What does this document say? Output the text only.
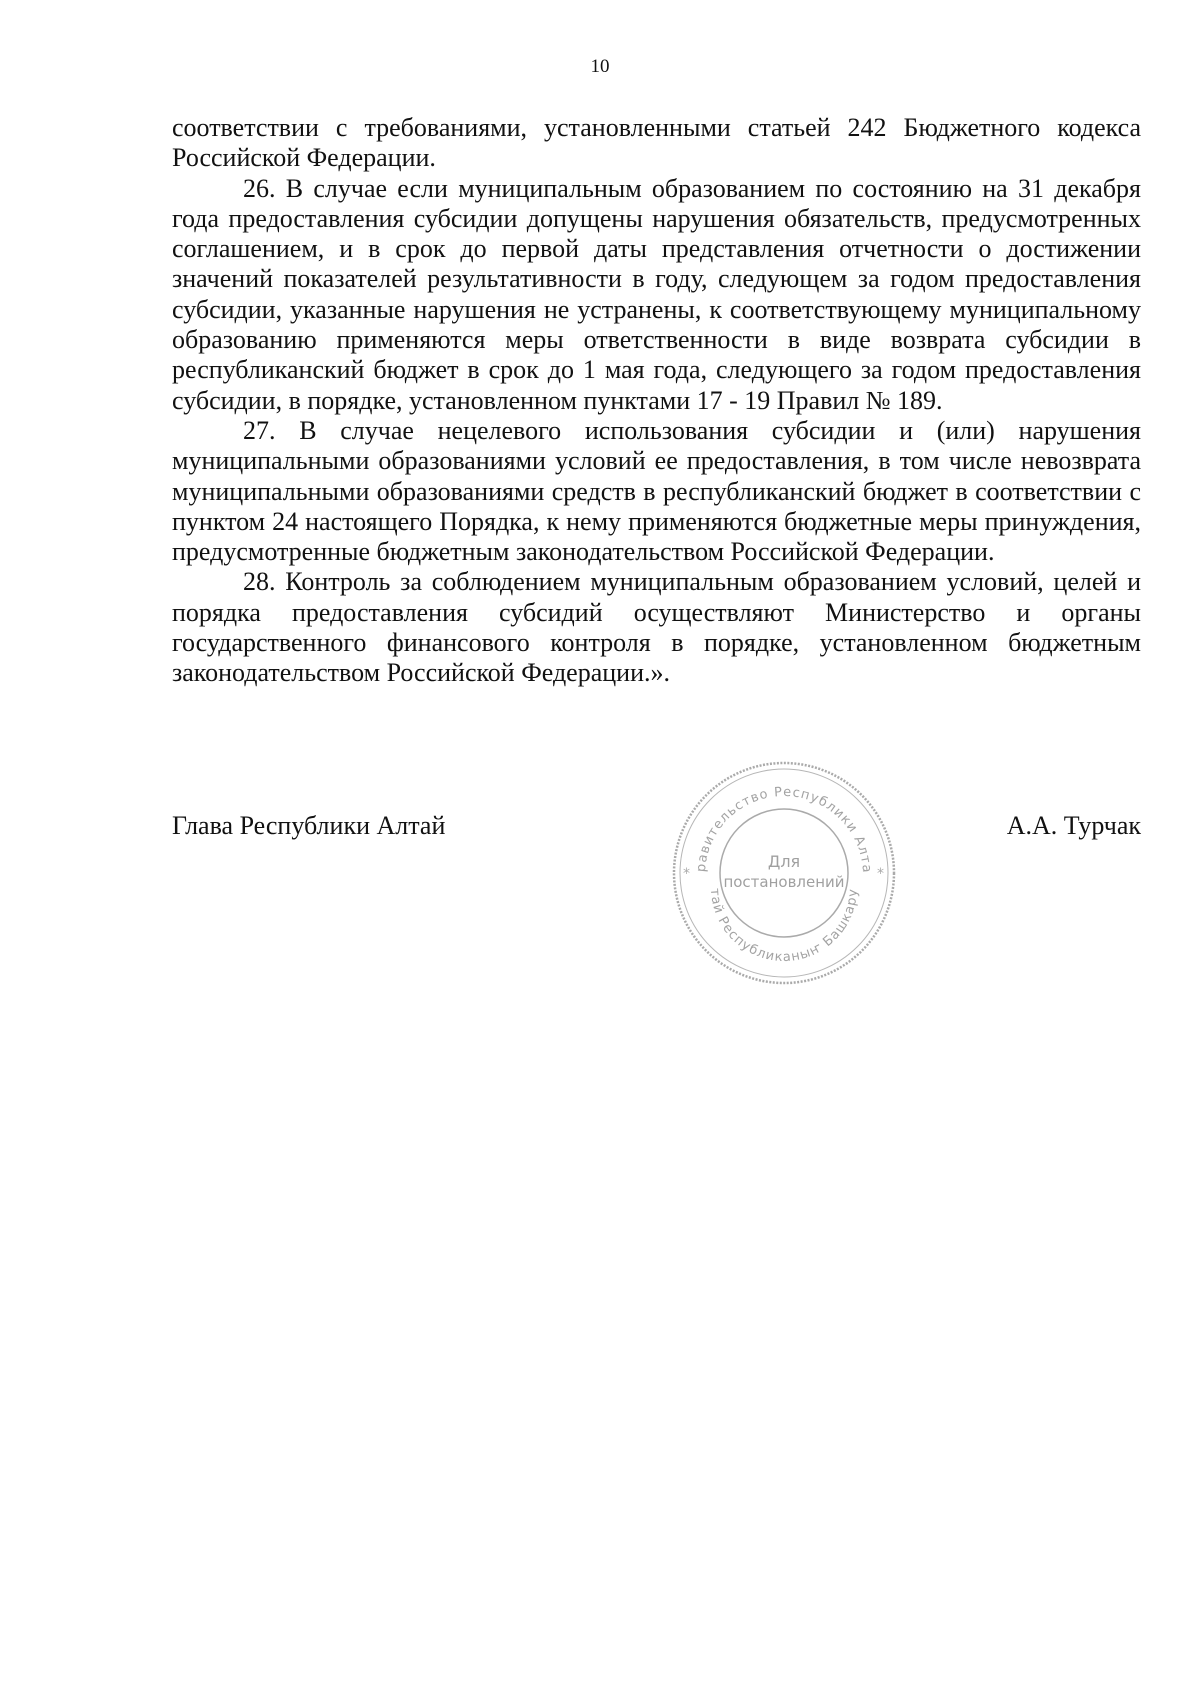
10

соответствии с требованиями, установленными статьей 242 Бюджетного кодекса Российской Федерации.

26. В случае если муниципальным образованием по состоянию на 31 декабря года предоставления субсидии допущены нарушения обязательств, предусмотренных соглашением, и в срок до первой даты представления отчетности о достижении значений показателей результативности в году, следующем за годом предоставления субсидии, указанные нарушения не устранены, к соответствующему муниципальному образованию применяются меры ответственности в виде возврата субсидии в республиканский бюджет в срок до 1 мая года, следующего за годом предоставления субсидии, в порядке, установленном пунктами 17 - 19 Правил № 189.

27. В случае нецелевого использования субсидии и (или) нарушения муниципальными образованиями условий ее предоставления, в том числе невозврата муниципальными образованиями средств в республиканский бюджет в соответствии с пунктом 24 настоящего Порядка, к нему применяются бюджетные меры принуждения, предусмотренные бюджетным законодательством Российской Федерации.

28. Контроль за соблюдением муниципальным образованием условий, целей и порядка предоставления субсидий осуществляют Министерство и органы государственного финансового контроля в порядке, установленном бюджетным законодательством Российской Федерации.».

Глава Республики Алтай
равительство Республики Алта
тай Республиканыҥ Башкару
*	*
Для
постановлений
А.А. Турчак
